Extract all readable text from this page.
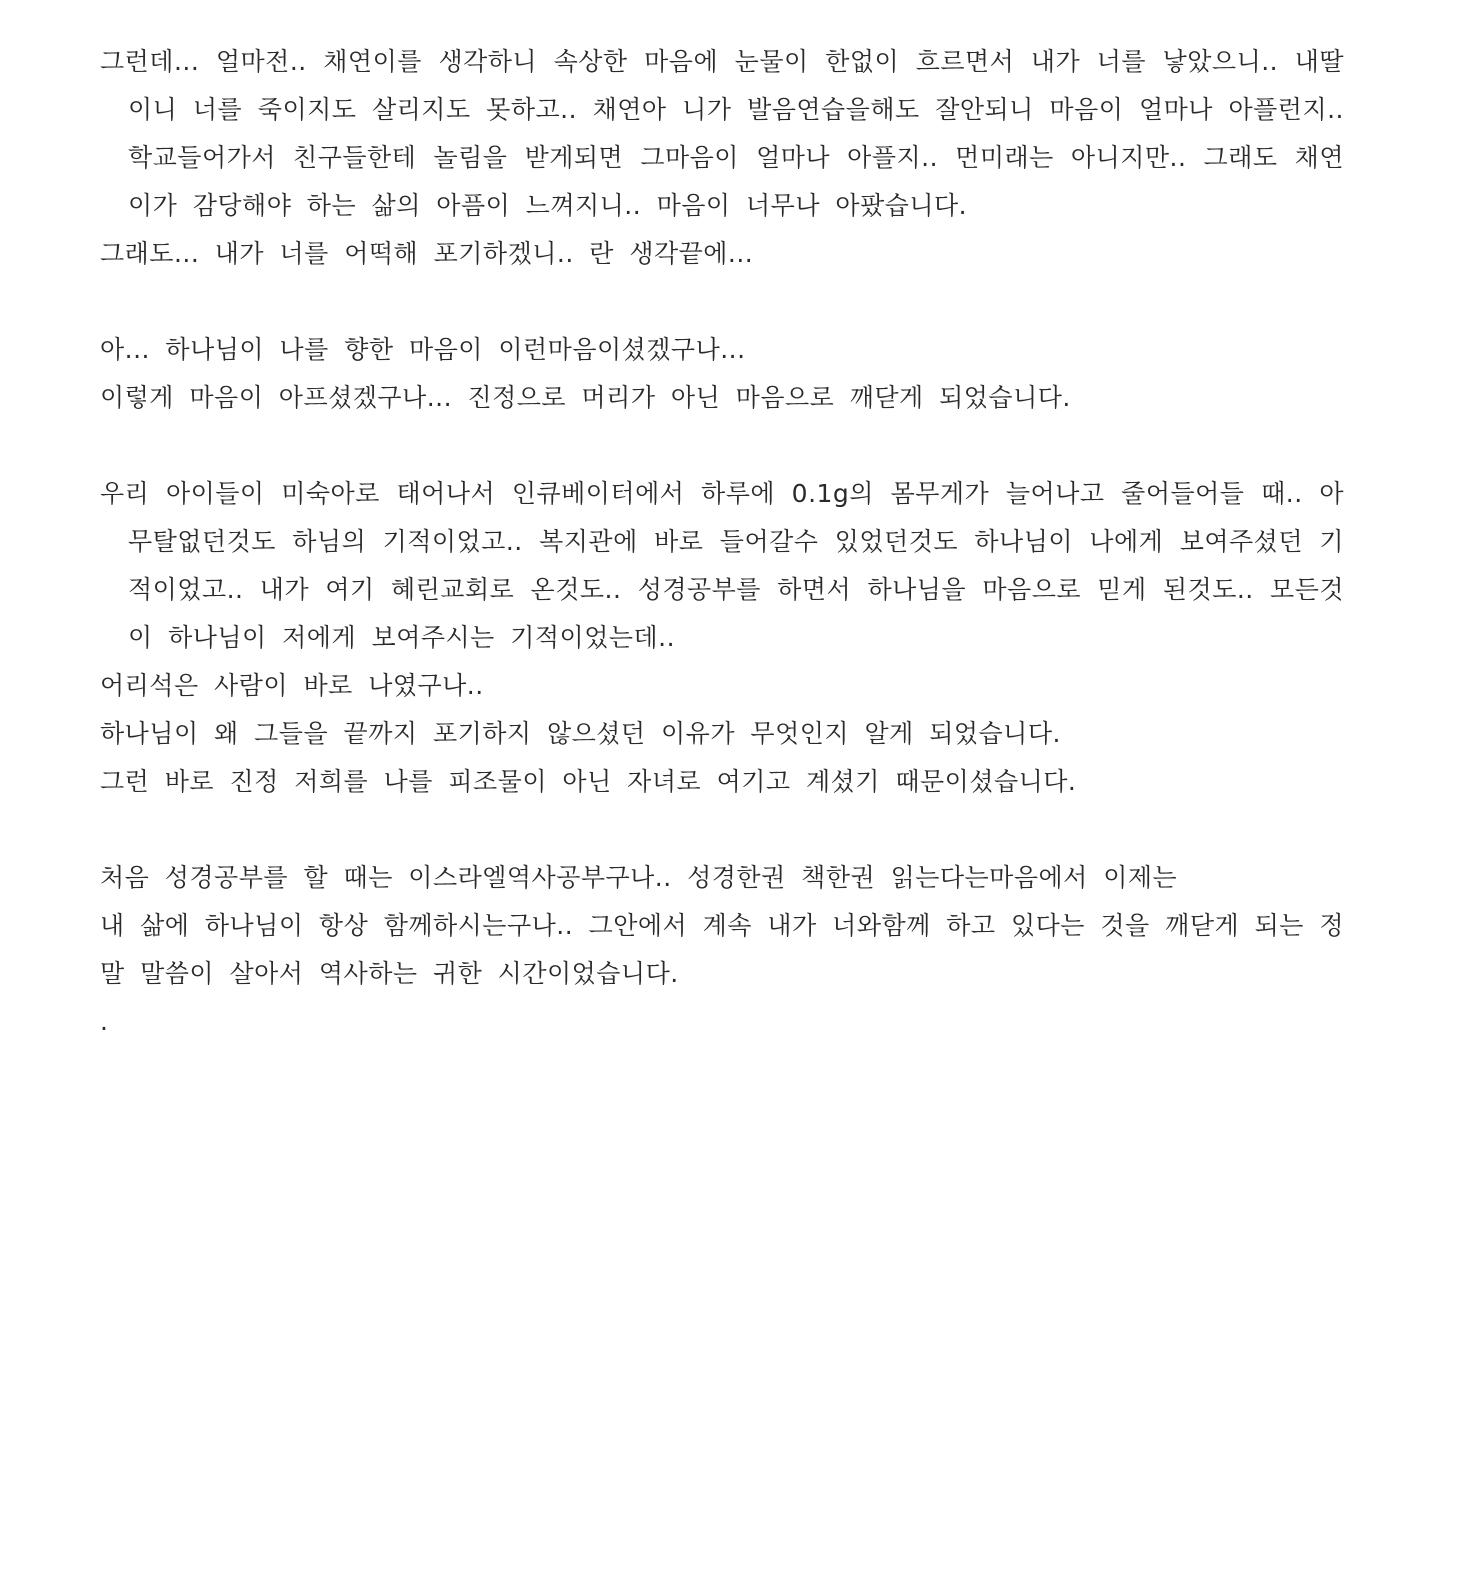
그런데... 얼마전.. 채연이를 생각하니 속상한 마음에 눈물이 한없이 흐르면서 내가 너를 낳았으니.. 내딸이니 너를 죽이지도 살리지도 못하고.. 채연아 니가 발음연습을해도 잘안되니 마음이 얼마나 아플런지.. 학교들어가서 친구들한테 놀림을 받게되면 그마음이 얼마나 아플지.. 먼미래는 아니지만.. 그래도 채연이가 감당해야 하는 삶의 아픔이 느껴지니.. 마음이 너무나 아팠습니다.

그래도... 내가 너를 어떡해 포기하겠니.. 란 생각끝에...

아... 하나님이 나를 향한 마음이 이런마음이셨겠구나...

이렇게 마음이 아프셨겠구나... 진정으로 머리가 아닌 마음으로 깨닫게 되었습니다.

우리 아이들이 미숙아로 태어나서 인큐베이터에서 하루에 0.1g의 몸무게가 늘어나고 줄어들어들 때.. 아무탈없던것도 하님의 기적이었고.. 복지관에 바로 들어갈수 있었던것도 하나님이 나에게 보여주셨던 기적이었고.. 내가 여기 혜린교회로 온것도.. 성경공부를 하면서 하나님을 마음으로 믿게 된것도.. 모든것이 하나님이 저에게 보여주시는 기적이었는데..

어리석은 사람이 바로 나였구나..

하나님이 왜 그들을 끝까지 포기하지 않으셨던 이유가 무엇인지 알게 되었습니다.

그런 바로 진정 저희를 나를 피조물이 아닌 자녀로 여기고 계셨기 때문이셨습니다.

처음 성경공부를 할 때는 이스라엘역사공부구나.. 성경한권 책한권 읽는다는마음에서 이제는

내 삶에 하나님이 항상 함께하시는구나.. 그안에서 계속 내가 너와함께 하고 있다는 것을 깨닫게 되는 정말 말씀이 살아서 역사하는 귀한 시간이었습니다.

.
